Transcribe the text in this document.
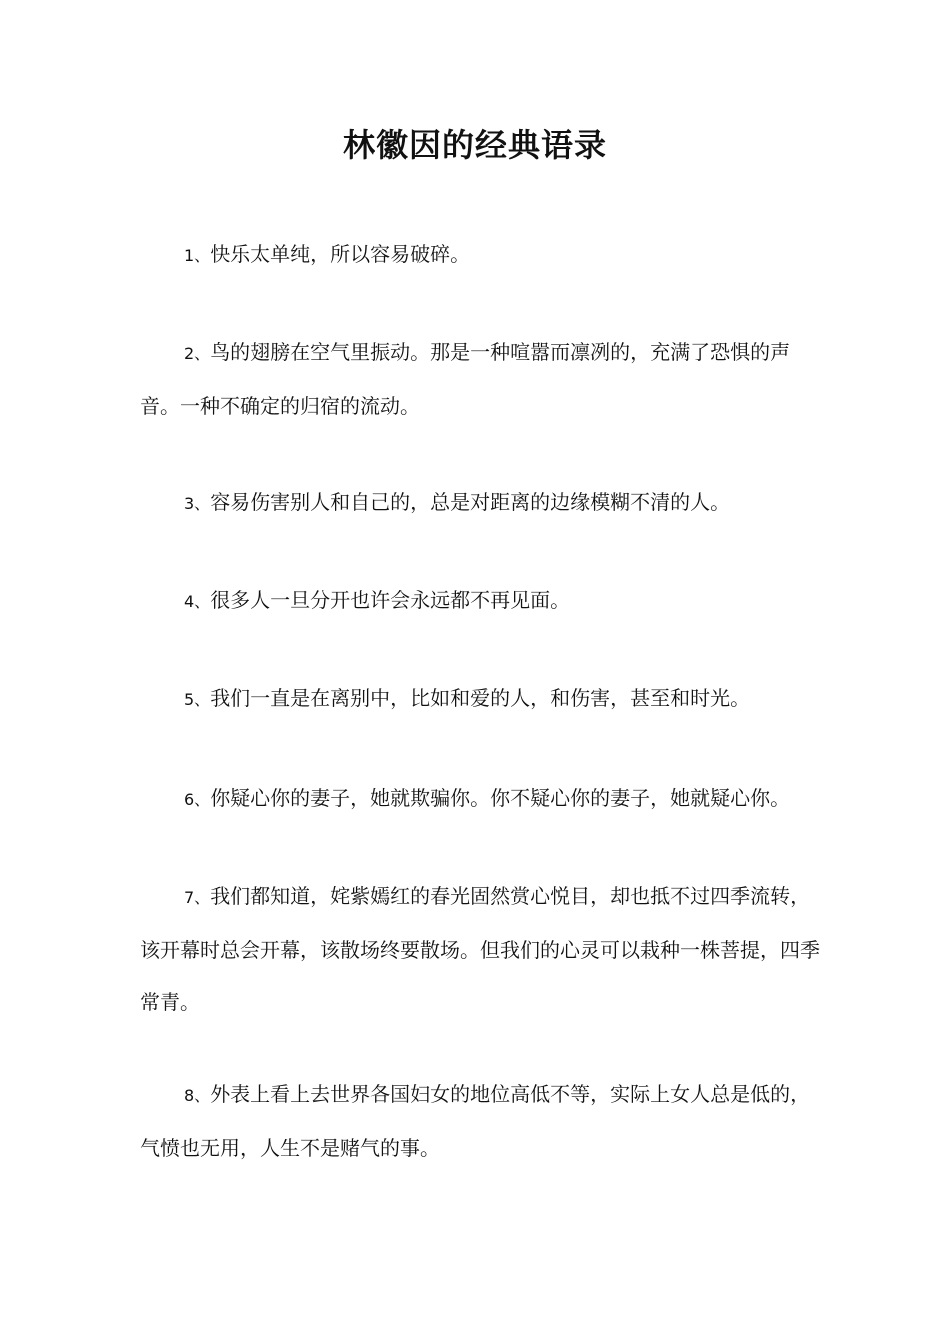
林徽因的经典语录

1、快乐太单纯，所以容易破碎。

2、鸟的翅膀在空气里振动。那是一种喧嚣而凛冽的，充满了恐惧的声音。一种不确定的归宿的流动。

3、容易伤害别人和自己的，总是对距离的边缘模糊不清的人。

4、很多人一旦分开也许会永远都不再见面。

5、我们一直是在离别中，比如和爱的人，和伤害，甚至和时光。

6、你疑心你的妻子，她就欺骗你。你不疑心你的妻子，她就疑心你。

7、我们都知道，姹紫嫣红的春光固然赏心悦目，却也抵不过四季流转，该开幕时总会开幕，该散场终要散场。但我们的心灵可以栽种一株菩提，四季常青。

8、外表上看上去世界各国妇女的地位高低不等，实际上女人总是低的，气愤也无用，人生不是赌气的事。
